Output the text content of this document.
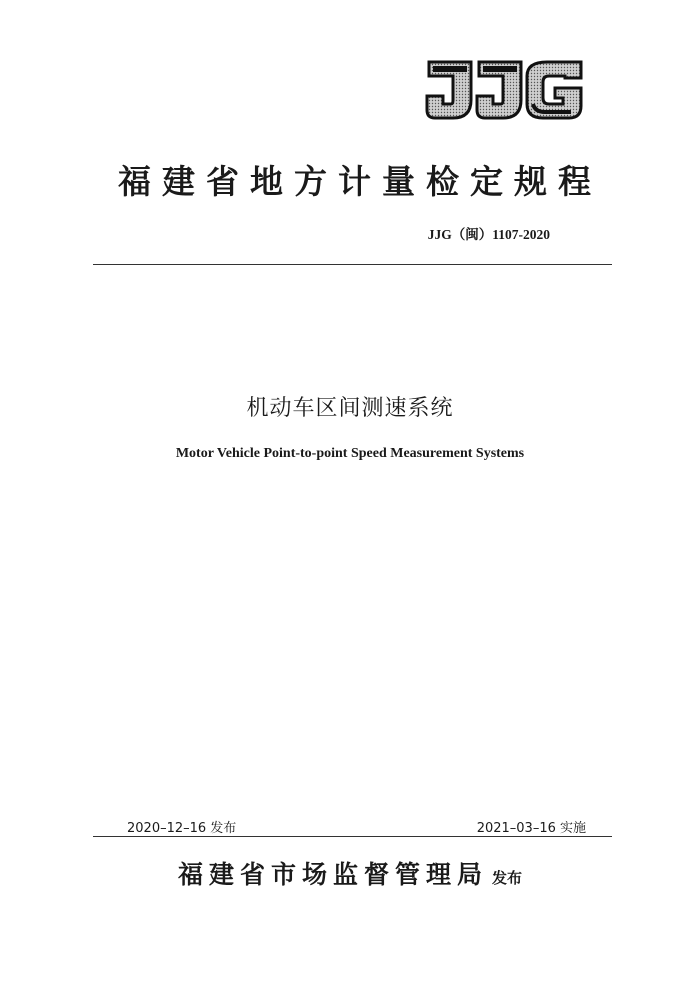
福建省地方计量检定规程
JJG（闽）1107-2020
机动车区间测速系统
Motor Vehicle Point-to-point Speed Measurement Systems
2020–12–16 发布	2021–03–16 实施
福建省市场监督管理局 发布
